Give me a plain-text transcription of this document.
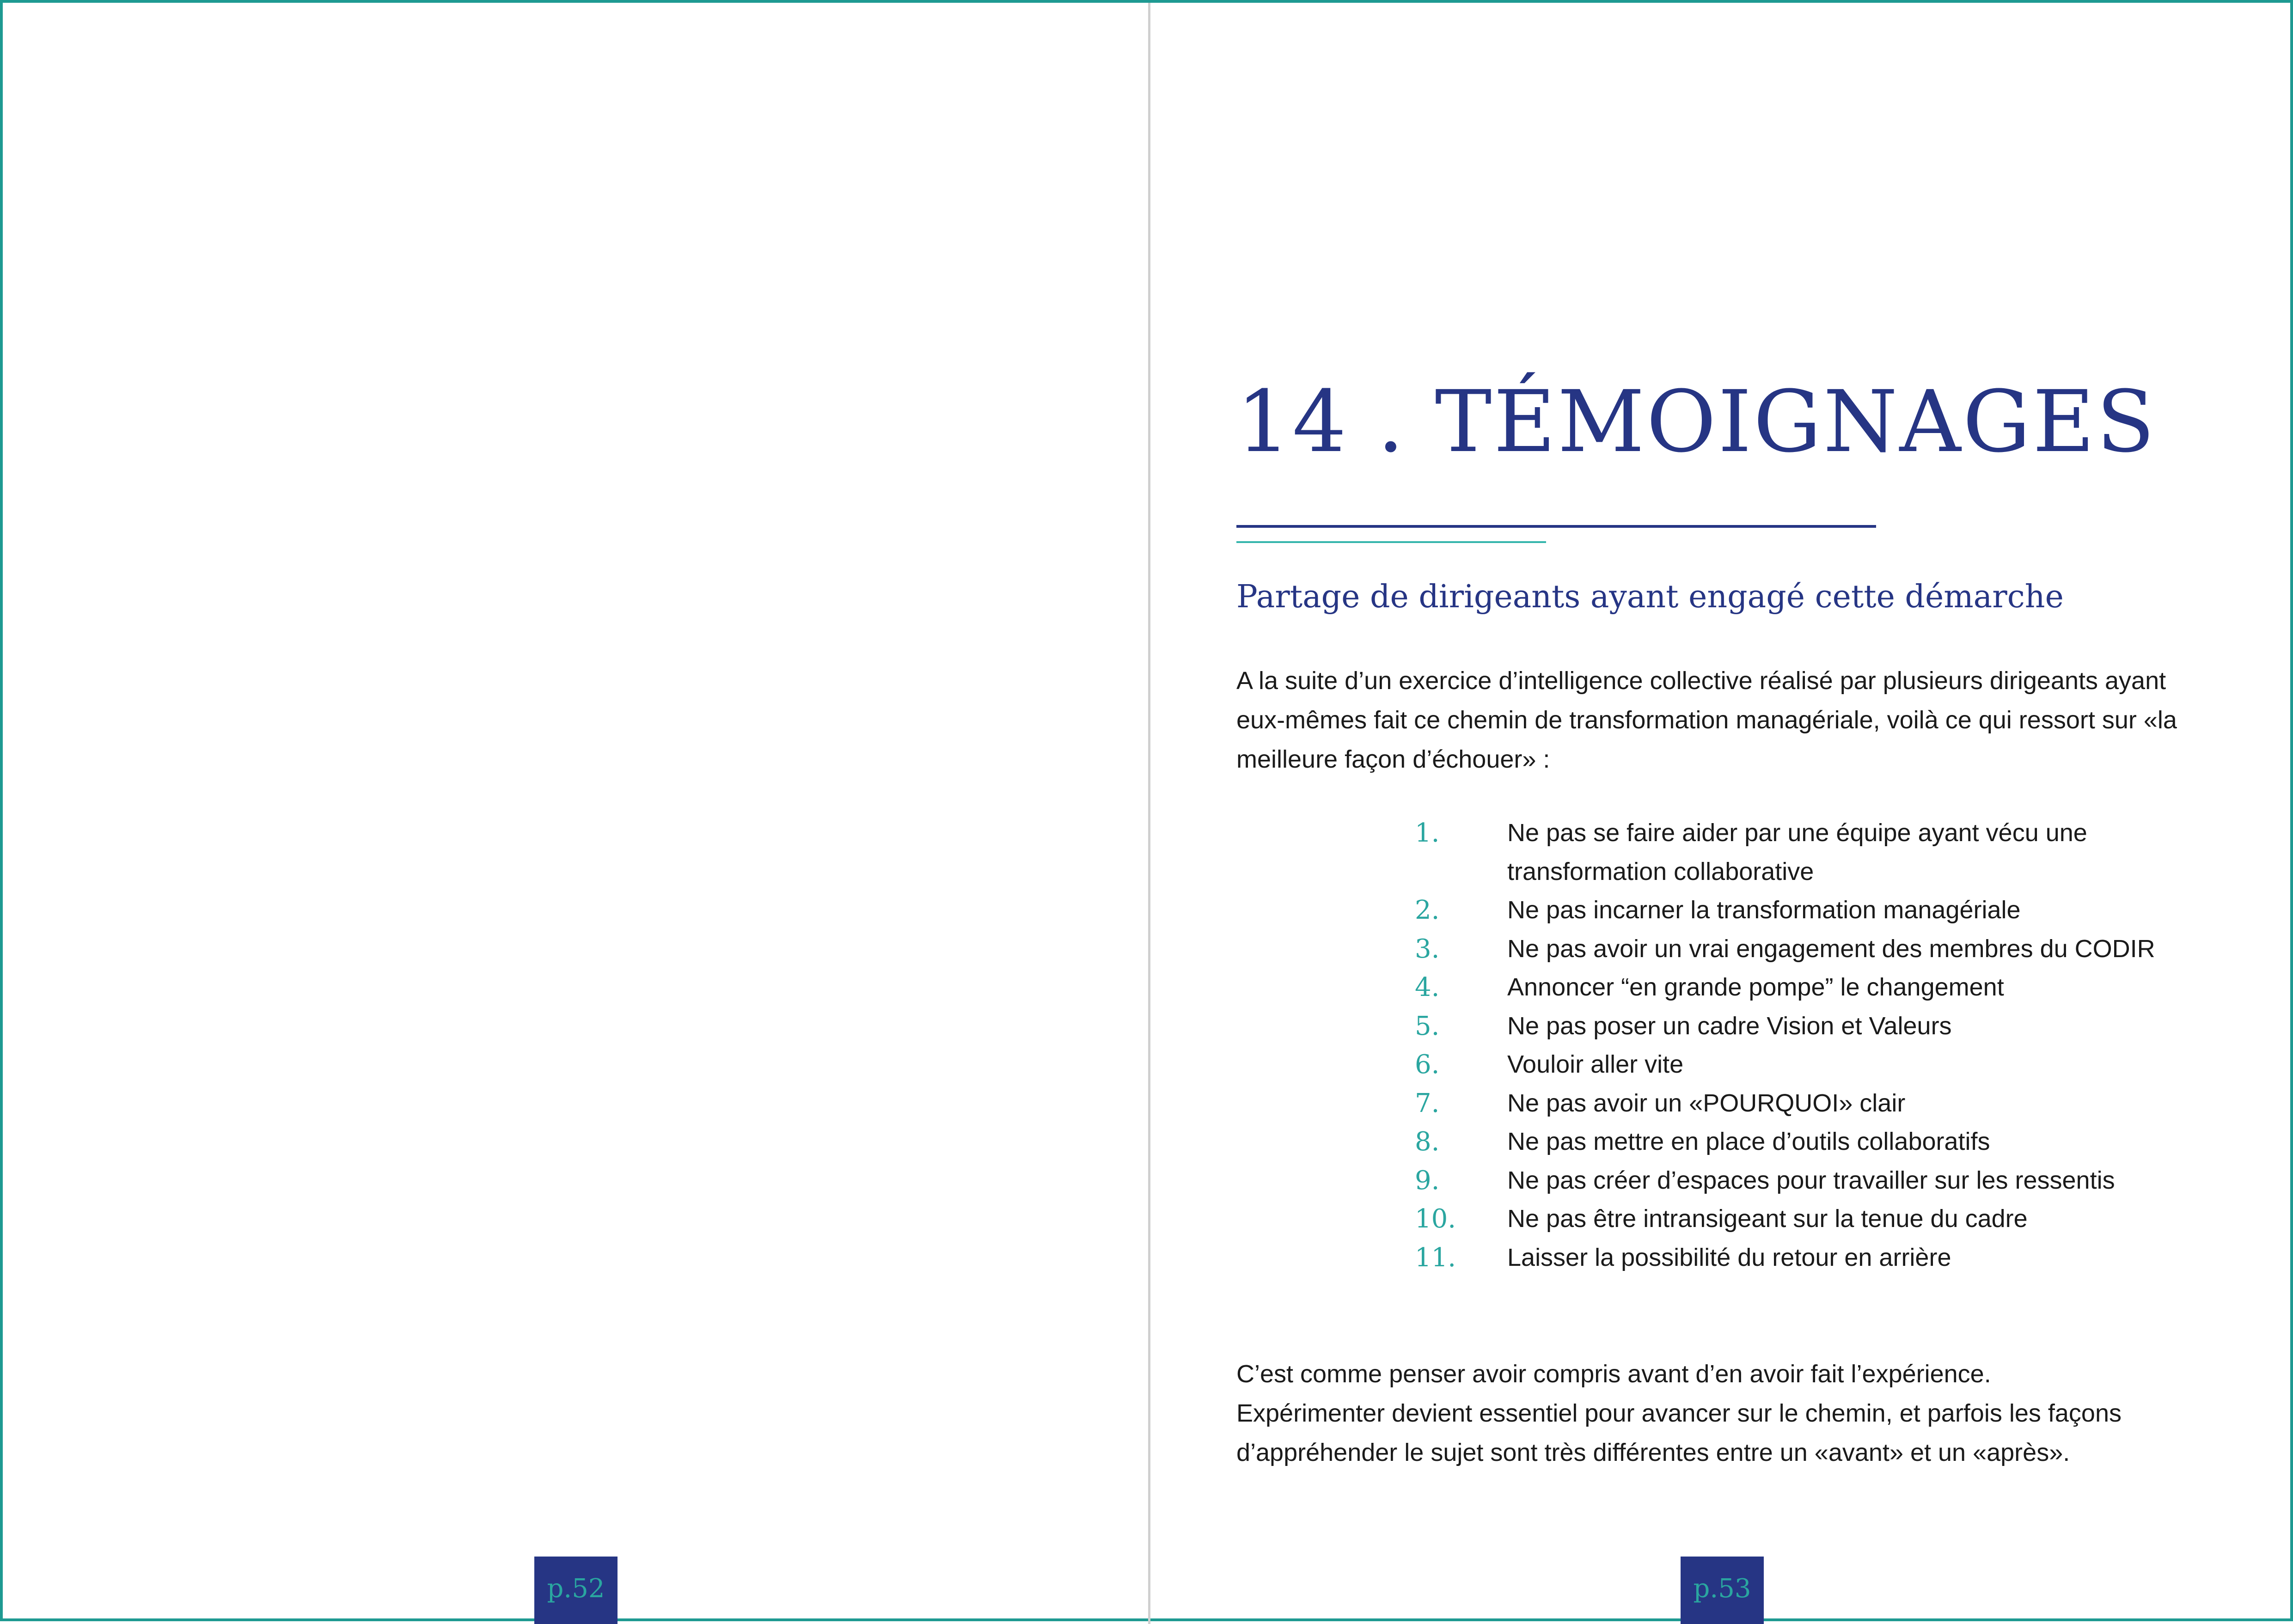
p.52
14 . TÉMOIGNAGES
Partage de dirigeants ayant engagé cette démarche

A la suite d’un exercice d’intelligence collective réalisé par plusieurs dirigeants ayant eux-mêmes fait ce chemin de transformation managériale, voilà ce qui ressort sur «la meilleure façon d’échouer» :

1.	Ne pas se faire aider par une équipe ayant vécu une transformation collaborative
2.	Ne pas incarner la transformation managériale
3.	Ne pas avoir un vrai engagement des membres du CODIR
4.	Annoncer “en grande pompe” le changement
5.	Ne pas poser un cadre Vision et Valeurs
6.	Vouloir aller vite
7.	Ne pas avoir un «POURQUOI» clair
8.	Ne pas mettre en place d’outils collaboratifs
9.	Ne pas créer d’espaces pour travailler sur les ressentis
10.	Ne pas être intransigeant sur la tenue du cadre
11.	Laisser la possibilité du retour en arrière
C’est comme penser avoir compris avant d’en avoir fait l’expérience.
Expérimenter devient essentiel pour avancer sur le chemin, et parfois les façons d’appréhender le sujet sont très différentes entre un «avant» et un «après».
p.53
